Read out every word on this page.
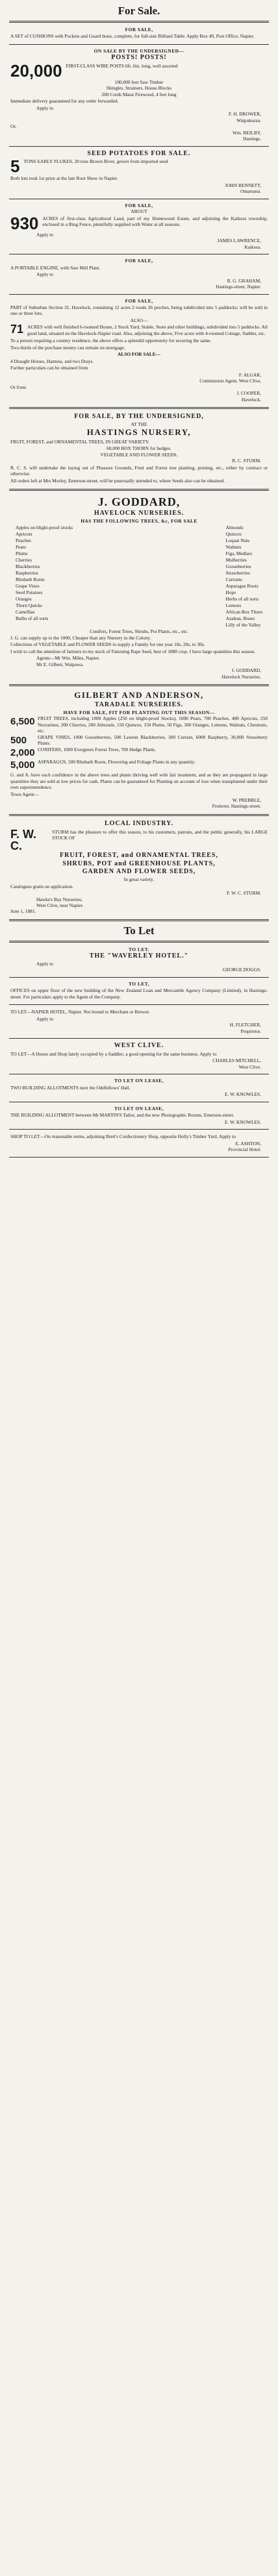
For Sale.
FOR SALE,
A SET of CUSHIONS with Pockets and Guard brass, complete, for full-size Billiard Table. Apply Box 49, Post Office, Napier.
ON SALE BY THE UNDERSIGNED—
POSTS! POSTS!
20,000 FIRST-CLASS WIRE POSTS 6ft. 6in. long, well assorted
100,000 feet Saw Timber
Shingles, Strainers. House Blocks
200 Cords Matai Firewood, 4 feet long
Immediate delivery guaranteed for any order forwarded.
Apply to
F. H. DROWER,
Waipukurau.
Or,
Wm. BEILBY,
Hastings.
SEED POTATOES FOR SALE.
5 TONS EARLY FLUKES, 20 tons Brown River, grown from imported seed
Both lots took 1st prize at the late Root Show in Napier.
JOHN BENNETT,
Omarunui.
FOR SALE,
ABOUT
930 ACRES of first-class Agricultural Land, part of my Homewood Estate, and adjoining the Kaikora township, enclosed in a Ring Fence, plentifully supplied with Water at all seasons.
Apply to
JAMES LAWRENCE,
Kaikora.
FOR SALE,
A PORTABLE ENGINE, with Saw Mill Plant.
Apply to
R. G. GRAHAM,
Hastings-street, Napier.
FOR SALE,
PART of Suburban Section 31, Havelock, containing 12 acres 2 roods 26 perches, being subdivided into 5 paddocks; will be sold in one or three lots.
ALSO—
71 ACRES with well finished 6-roomed House, 2 Stock Yard, Stable, Store and other buildings, subdivided into 5 paddocks. All good land, situated on the Havelock-Napier road. Also, adjoining the above, Five acres with 4-roomed Cottage, Stables, etc.
To a person requiring a country residence, the above offers a splendid opportunity for securing the same.
Two-thirds of the purchase money can remain on mortgage.
ALSO FOR SALE—
4 Draught Horses, Harness, and two Drays.
Further particulars can be obtained from
F. ALGAR,
Commission Agent, West Clive,
Or from
J. COOPER,
Havelock.
FOR SALE, BY THE UNDERSIGNED,
AT THE
HASTINGS NURSERY,
FRUIT, FOREST, and ORNAMENTAL TREES, IN GREAT VARIETY.
60,000 BOX THORN for hedges.
VEGETABLE AND FLOWER SEEDS.
R. C. STURM.
R. C. S. will undertake the laying out of Pleasure Grounds, Fruit and Forest tree planting, pruning, etc., either by contract or otherwise.
All orders left at Mrs Morley, Emerson-street, will be punctually attended to, where Seeds also can be obtained.
J. GODDARD,
HAVELOCK NURSERIES.
HAS THE FOLLOWING TREES, &c, FOR SALE
Apples on blight-proof stocks
Apricots
Peaches
Pears
Plums
Cherries
Blackberries
Raspberries
Rhubarb Roots
Grape Vines
Seed Potatoes
Oranges
Thorn Quicks
Camellias
Bulbs of all sorts
Almonds
Quinces
Loquat Nuts
Walnuts
Figs, Medlars
Mulberries
Gooseberries
Strawberries
Currants
Asparagus Roots
Hops
Herbs of all sorts
Lemons
African Box Thorn
Azaleas, Roses
Lilly of the Valley
Conifers, Forest Trees, Shrubs, Pot Plants, etc., etc.
J. G. can supply up to the 1000, Cheaper than any Nursery in the Colony.
Collections of VEGETABLE and FLOWER SEEDS to supply a Family for one year 10s, 20s, to 30s.
I wish to call the attention of farmers to my stock of Fattening Rape Seed, best of 1880 crop. I have large quantities this season.
Agents—Mr Wm. Miles, Napier.
Mr E. Gilbert, Waipawa.
J. GODDARD,
Havelock Nurseries.
GILBERT AND ANDERSON,
TARADALE NURSERIES.
HAVE FOR SALE, FIT FOR PLANTING OUT THIS SEASON—
6,500 FRUIT TREES, including 1000 Apples (250 on blight-proof Stocks), 1000 Pears, 700 Peaches, 400 Apricots, 250 Nectarines, 200 Cherries, 200 Almonds, 150 Quinces, 150 Plums, 50 Figs, 300 Oranges, Lemons, Walnuts, Chestnuts, etc.
500	GRAPE VINES, 1000 Gooseberries, 500 Lawton Blackberries, 300 Currant, 6000 Raspberry, 30,000 Strawberry Plants.
2,000 CONIFERS, 1000 Evergreen Forest Trees, 700 Hedge Plants.
5,000 ASPARAGUS, 500 Rhubarb Roots, Flowering and Foliage Plants in any quantity.
G. and A. have each confidence in the above trees and plants thriving well with fair treatment, and as they are propagated in large quantities they are sold at low prices for cash. Plants can be guaranteed for Planting on account of loss when transplanted under their own superintendence.
Town Agent—
W. PREBBLE,
Fruiterer, Hastings-street.
LOCAL INDUSTRY.
F. W. C.
STURM has the pleasure to offer this season, to his customers, patrons, and the public generally, his LARGE STOCK OF
FRUIT, FOREST, and ORNAMENTAL TREES,
SHRUBS, POT and GREENHOUSE PLANTS,
GARDEN AND FLOWER SEEDS,
In great variety.
Catalogues gratis on application.
F. W. C. STURM.
Hawke's Bay Nurseries,
West Clive, near Napier.
June 1, 1881.
To Let
TO LET.
THE "WAVERLEY HOTEL."
Apply to
GEORGE DOGGS.
TO LET,
OFFICES on upper floor of the new building of the New Zealand Loan and Mercantile Agency Company (Limited), in Hastings-street. For particulars apply to the Agent of the Company.
TO LET—NAPIER HOTEL, Napier. Not bound to Merchant or Brewer.
Apply to
H. FLETCHER,
Proprietor.
WEST CLIVE.
TO LET—A House and Shop lately occupied by a Saddler; a good opening for the same business. Apply to
CHARLES MITCHELL,
West Clive.
TO LET ON LEASE,
TWO BUILDING ALLOTMENTS next the Oddfellows' Hall.
E. W. KNOWLES.
TO LET ON LEASE,
THE BUILDING ALLOTMENT between Mr MARTIN'S Tailor, and the new Photographic Rooms, Emerson-street.
E. W. KNOWLES.
SHOP TO LET—On reasonable terms, adjoining Brett's Confectionery Shop, opposite Holly's Timber Yard. Apply to
E. ASHTON,
Provincial Hotel.
